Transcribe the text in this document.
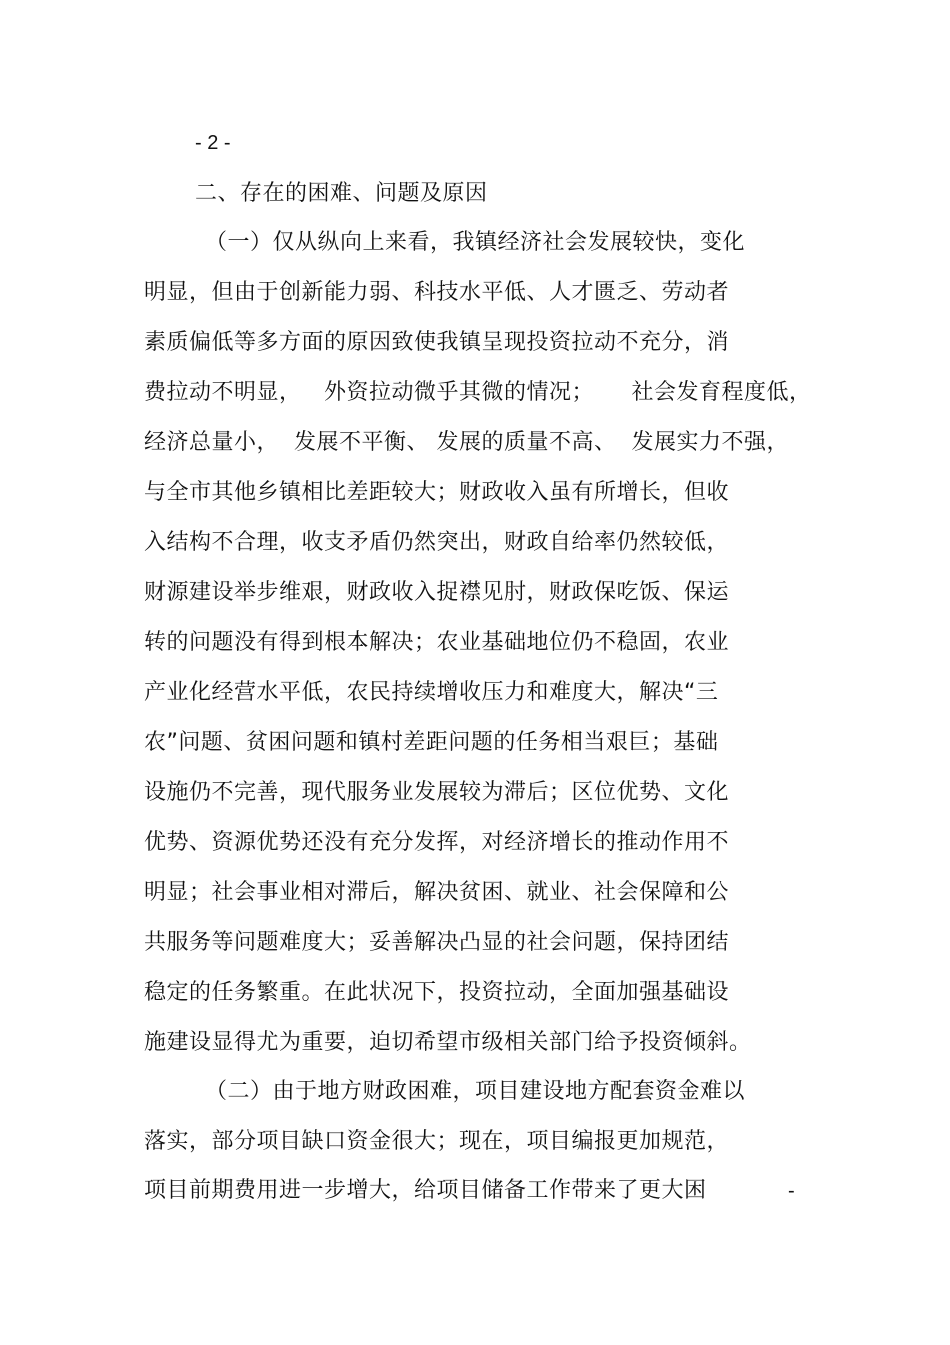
- 2 -
二、存在的困难、问题及原因
（一）仅从纵向上来看，我镇经济社会发展较快，变化
明显，但由于创新能力弱、科技水平低、人才匮乏、劳动者
素质偏低等多方面的原因致使我镇呈现投资拉动不充分，消
费拉动不明显，   外资拉动微乎其微的情况；     社会发育程度低，
经济总量小，  发展不平衡、 发展的质量不高、  发展实力不强，
与全市其他乡镇相比差距较大；财政收入虽有所增长，但收
入结构不合理，收支矛盾仍然突出，财政自给率仍然较低，
财源建设举步维艰，财政收入捉襟见肘，财政保吃饭、保运
转的问题没有得到根本解决；农业基础地位仍不稳固，农业
产业化经营水平低，农民持续增收压力和难度大，解决“三
农”问题、贫困问题和镇村差距问题的任务相当艰巨；基础
设施仍不完善，现代服务业发展较为滞后；区位优势、文化
优势、资源优势还没有充分发挥，对经济增长的推动作用不
明显；社会事业相对滞后，解决贫困、就业、社会保障和公
共服务等问题难度大；妥善解决凸显的社会问题，保持团结
稳定的任务繁重。在此状况下，投资拉动，全面加强基础设
施建设显得尤为重要，迫切希望市级相关部门给予投资倾斜。
（二）由于地方财政困难，项目建设地方配套资金难以
落实，部分项目缺口资金很大；现在，项目编报更加规范，
项目前期费用进一步增大，给项目储备工作带来了更大困	-
